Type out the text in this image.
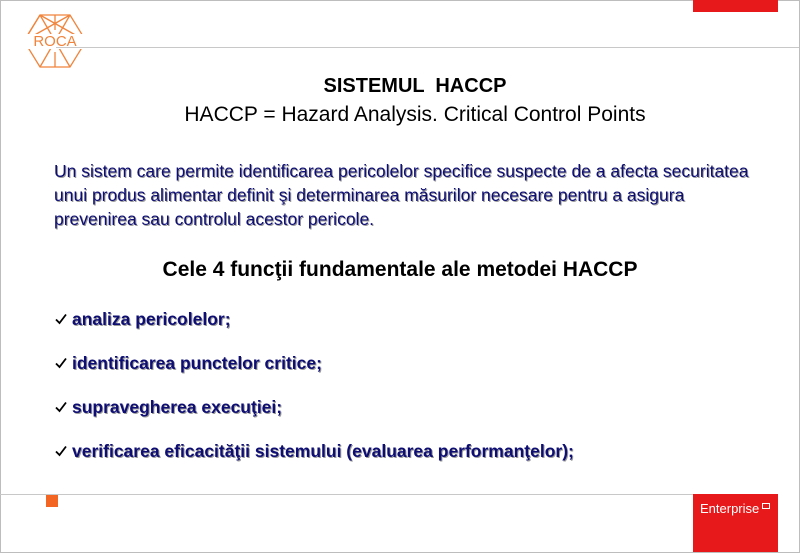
ROCA
Enterprise
SISTEMUL  HACCP
HACCP = Hazard Analysis. Critical Control Points
Un sistem care permite identificarea pericolelor specifice suspecte de a afecta securitatea unui produs alimentar definit şi determinarea măsurilor necesare pentru a asigura prevenirea sau controlul acestor pericole.
Cele 4 funcţii fundamentale ale metodei HACCP
analiza pericolelor;
identificarea punctelor critice;
supravegherea execuţiei;
verificarea eficacităţii sistemului (evaluarea performanţelor);
